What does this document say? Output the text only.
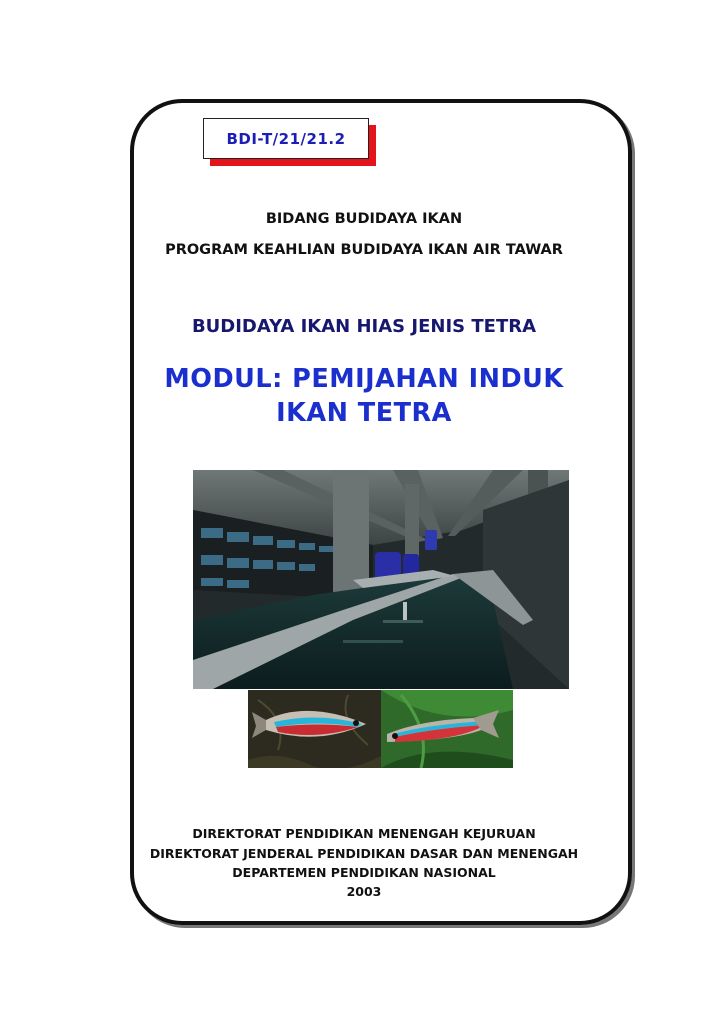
BDI-T/21/21.2
BIDANG BUDIDAYA IKAN
PROGRAM KEAHLIAN BUDIDAYA IKAN AIR TAWAR
BUDIDAYA IKAN HIAS JENIS TETRA
MODUL: PEMIJAHAN INDUK
IKAN TETRA
DIREKTORAT PENDIDIKAN MENENGAH KEJURUAN
DIREKTORAT JENDERAL PENDIDIKAN DASAR DAN MENENGAH
DEPARTEMEN PENDIDIKAN NASIONAL
2003
